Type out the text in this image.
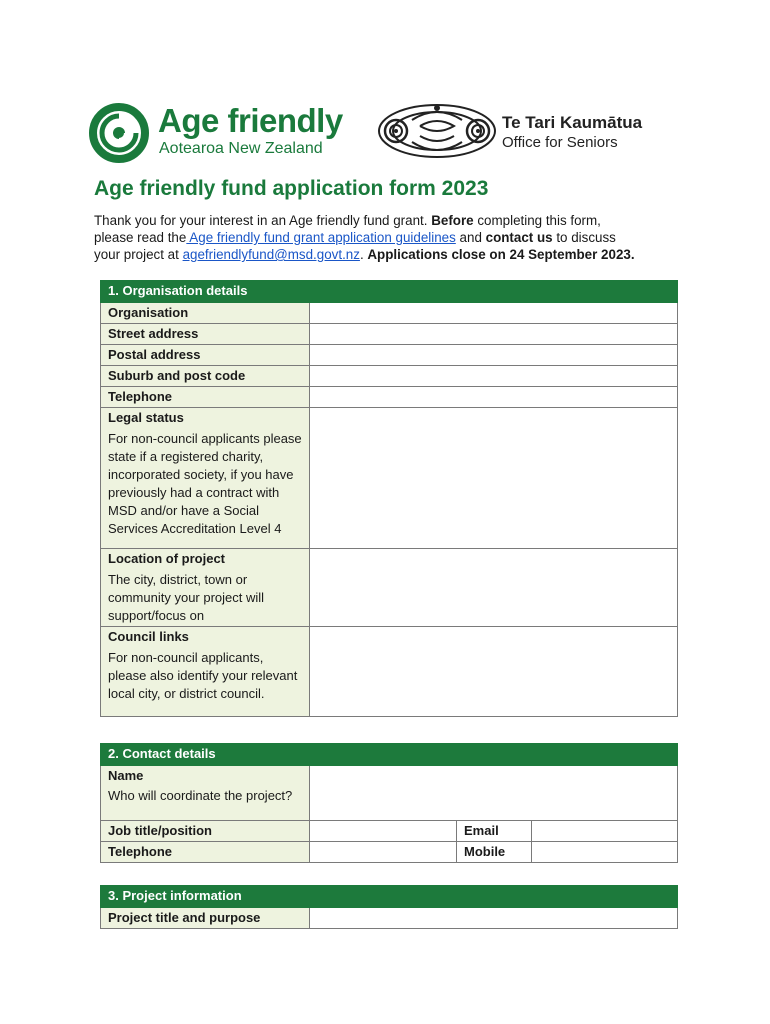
Age friendly
Aotearoa New Zealand
Te Tari Kaumātua
Office for Seniors
Age friendly fund application form 2023
Thank you for your interest in an Age friendly fund grant. Before completing this form,
please read the Age friendly fund grant application guidelines and contact us to discuss
your project at agefriendlyfund@msd.govt.nz. Applications close on 24 September 2023.
1. Organisation details	
Organisation	
Street address	
Postal address	
Suburb and post code	
Telephone	
Legal status
For non-council applicants please state if a registered charity, incorporated society, if you have previously had a contract with MSD and/or have a Social Services Accreditation Level 4	

Location of project
The city, district, town or community your project will support/focus on	

Council links
For non-council applicants, please also identify your relevant local city, or district council.	

2. Contact details			
Name
Who will coordinate the project?			

Job title/position		Email	
Telephone		Mobile	
3. Project information
Project title and purpose	
